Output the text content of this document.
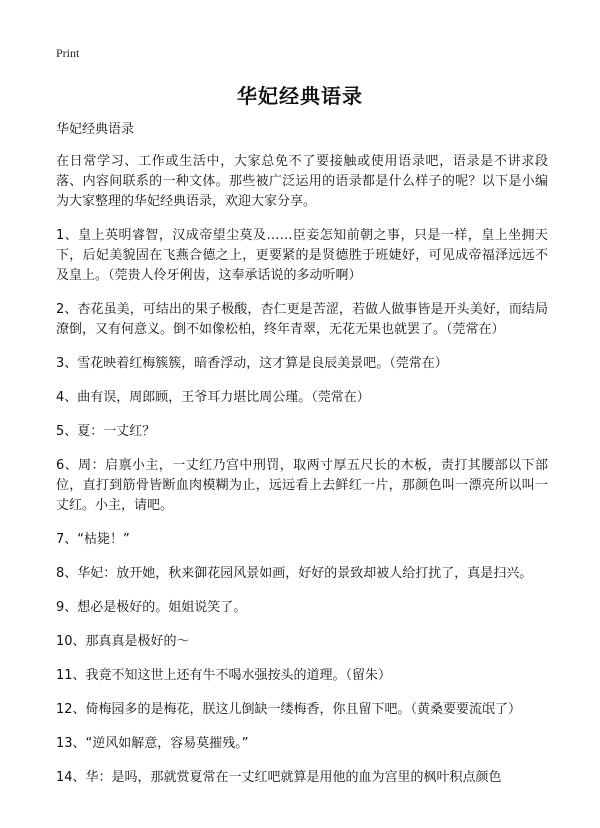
Print
华妃经典语录

华妃经典语录

在日常学习、工作或生活中，大家总免不了要接触或使用语录吧，语录是不讲求段落、内容间联系的一种文体。那些被广泛运用的语录都是什么样子的呢？以下是小编为大家整理的华妃经典语录，欢迎大家分享。

1、皇上英明睿智，汉成帝望尘莫及……臣妾怎知前朝之事，只是一样，皇上坐拥天下，后妃美貌固在飞燕合德之上，更要紧的是贤德胜于班婕妤，可见成帝福泽远远不及皇上。（莞贵人伶牙俐齿，这奉承话说的多动听啊）

2、杏花虽美，可结出的果子极酸，杏仁更是苦涩，若做人做事皆是开头美好，而结局潦倒，又有何意义。倒不如像松柏，终年青翠，无花无果也就罢了。（莞常在）

3、雪花映着红梅簇簇，暗香浮动，这才算是良辰美景吧。（莞常在）

4、曲有误，周郎顾，王爷耳力堪比周公瑾。（莞常在）

5、夏：一丈红？

6、周：启禀小主，一丈红乃宫中刑罚，取两寸厚五尺长的木板，责打其腰部以下部位，直打到筋骨皆断血肉模糊为止，远远看上去鲜红一片，那颜色叫一漂亮所以叫一丈红。小主，请吧。

7、“枯毙！”

8、华妃：放开她，秋来御花园风景如画，好好的景致却被人给打扰了，真是扫兴。

9、想必是极好的。姐姐说笑了。

10、那真真是极好的～

11、我竟不知这世上还有牛不喝水强按头的道理。（留朱）

12、倚梅园多的是梅花，朕这儿倒缺一缕梅香，你且留下吧。（黄桑要要流氓了）

13、“逆风如解意，容易莫摧残。”

14、华：是吗，那就赏夏常在一丈红吧就算是用他的血为宫里的枫叶积点颜色
